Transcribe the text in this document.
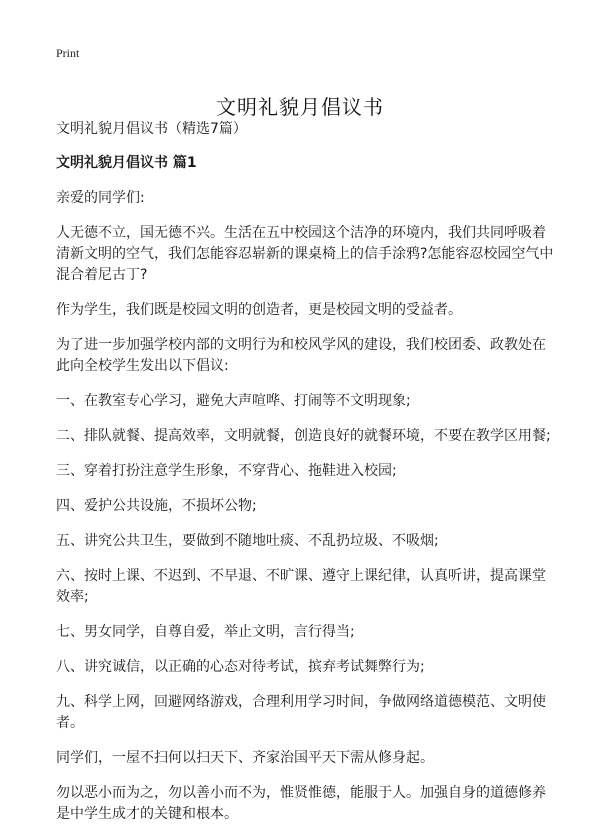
Print
文明礼貌月倡议书

文明礼貌月倡议书（精选7篇）

文明礼貌月倡议书 篇1

亲爱的同学们:

人无德不立，国无德不兴。生活在五中校园这个洁净的环境内，我们共同呼吸着清新文明的空气，我们怎能容忍崭新的课桌椅上的信手涂鸦?怎能容忍校园空气中混合着尼古丁?

作为学生，我们既是校园文明的创造者，更是校园文明的受益者。

为了进一步加强学校内部的文明行为和校风学风的建设，我们校团委、政教处在此向全校学生发出以下倡议:

一、在教室专心学习，避免大声喧哗、打闹等不文明现象;

二、排队就餐、提高效率，文明就餐，创造良好的就餐环境，不要在教学区用餐;

三、穿着打扮注意学生形象，不穿背心、拖鞋进入校园;

四、爱护公共设施，不损坏公物;

五、讲究公共卫生，要做到不随地吐痰、不乱扔垃圾、不吸烟;

六、按时上课、不迟到、不早退、不旷课、遵守上课纪律，认真听讲，提高课堂效率;

七、男女同学，自尊自爱，举止文明，言行得当;

八、讲究诚信，以正确的心态对待考试，摈弃考试舞弊行为;

九、科学上网，回避网络游戏，合理利用学习时间，争做网络道德模范、文明使者。

同学们，一屋不扫何以扫天下、齐家治国平天下需从修身起。

勿以恶小而为之，勿以善小而不为，惟贤惟德，能服于人。加强自身的道德修养是中学生成才的关键和根本。
